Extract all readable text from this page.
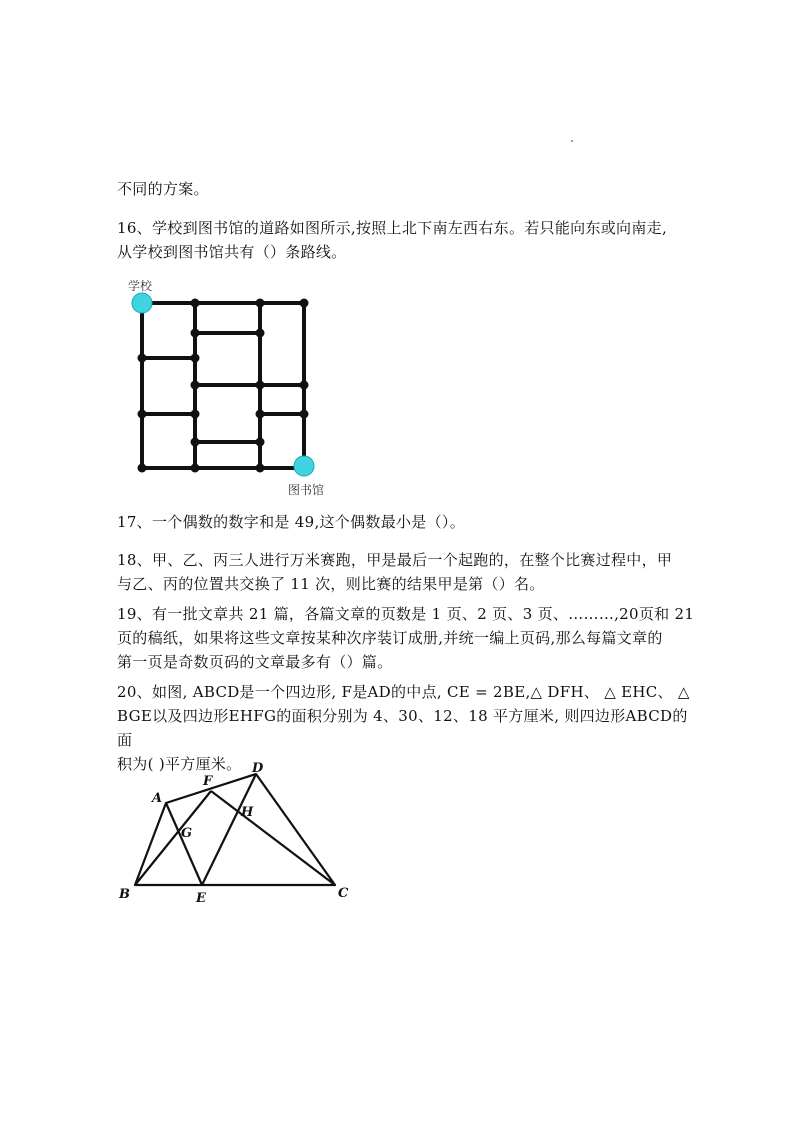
不同的方案。
16、学校到图书馆的道路如图所示,按照上北下南左西右东。若只能向东或向南走,
从学校到图书馆共有（）条路线。
学校
图书馆
17、一个偶数的数字和是 49,这个偶数最小是（）。
18、甲、乙、丙三人进行万米赛跑，甲是最后一个起跑的，在整个比赛过程中，甲
与乙、丙的位置共交换了 11 次，则比赛的结果甲是第（）名。
19、有一批文章共 21 篇，各篇文章的页数是 1 页、2 页、3 页、………,20页和 21
页的稿纸，如果将这些文章按某种次序装订成册,并统一编上页码,那么每篇文章的
第一页是奇数页码的文章最多有（）篇。
20、如图, ABCD是一个四边形, F是AD的中点, CE = 2BE,△ DFH、 △ EHC、 △
BGE以及四边形EHFG的面积分别为 4、30、12、18 平方厘米, 则四边形ABCD的面
积为( )平方厘米。
A
B	C
D
E
F
G
H
